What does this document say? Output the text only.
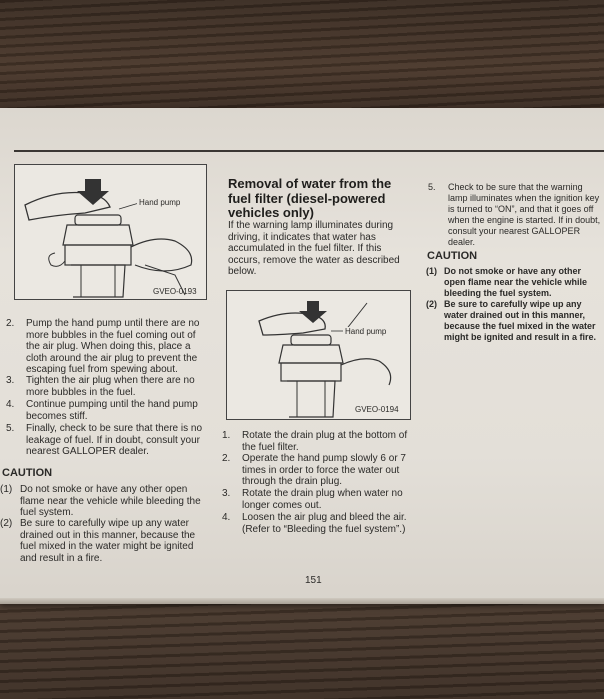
Hand pump
GVEO-0193
2. Pump the hand pump until there are no more bubbles in the fuel coming out of the air plug. When doing this, place a cloth around the air plug to prevent the escaping fuel from spewing about.
3. Tighten the air plug when there are no more bubbles in the fuel.
4. Continue pumping until the hand pump becomes stiff.
5. Finally, check to be sure that there is no leakage of fuel. If in doubt, consult your nearest GALLOPER dealer.
CAUTION
(1) Do not smoke or have any other open flame near the vehicle while bleeding the fuel system.
(2) Be sure to carefully wipe up any water drained out in this manner, because the fuel mixed in the water might be ignited and result in a fire.
Removal of water from the fuel filter (diesel-powered vehicles only)
If the warning lamp illuminates during driving, it indicates that water has accumulated in the fuel filter. If this occurs, remove the water as described below.
Hand pump
GVEO-0194
1. Rotate the drain plug at the bottom of the fuel filter.
2. Operate the hand pump slowly 6 or 7 times in order to force the water out through the drain plug.
3. Rotate the drain plug when water no longer comes out.
4. Loosen the air plug and bleed the air. (Refer to “Bleeding the fuel system”.)
5. Check to be sure that the warning lamp illuminates when the ignition key is turned to “ON”, and that it goes off when the engine is started. If in doubt, consult your nearest GALLOPER dealer.
CAUTION
(1) Do not smoke or have any other open flame near the vehicle while bleeding the fuel system.
(2) Be sure to carefully wipe up any water drained out in this manner, because the fuel mixed in the water might be ignited and result in a fire.
151
